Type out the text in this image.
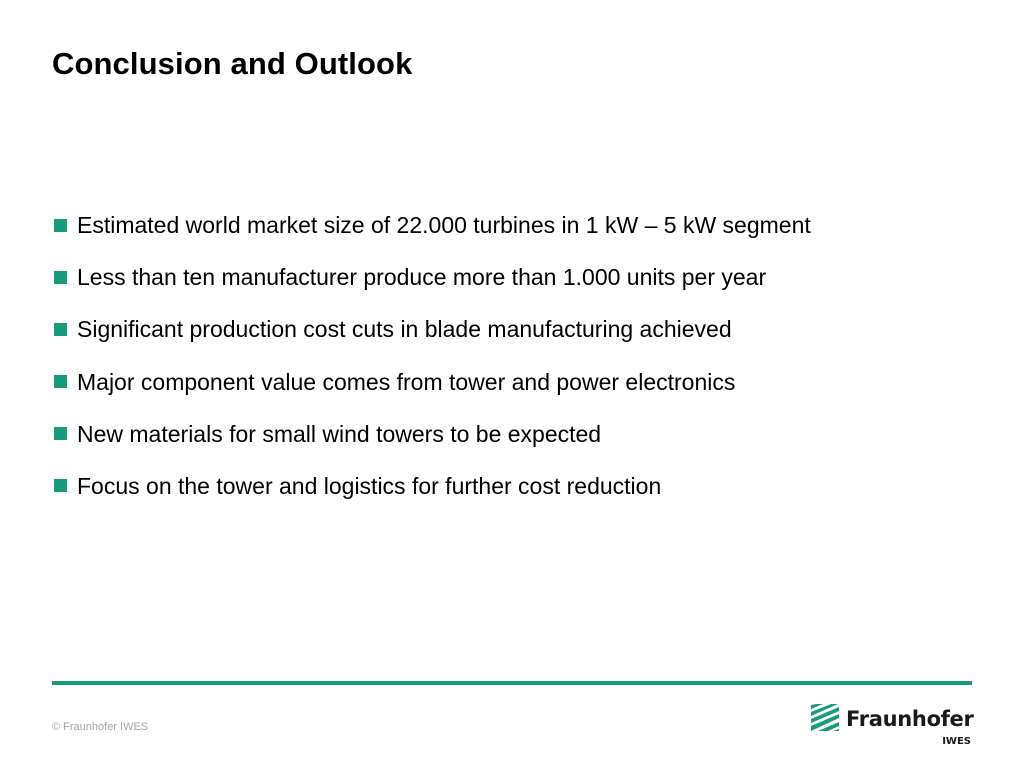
Conclusion and Outlook
Estimated world market size of 22.000 turbines in 1 kW – 5 kW segment
Less than ten manufacturer produce more than 1.000 units per year
Significant production cost cuts in blade manufacturing achieved
Major component value comes from tower and power electronics
New materials for small wind towers to be expected
Focus on the tower and logistics for further cost reduction
© Fraunhofer IWES	Fraunhofer
IWES
